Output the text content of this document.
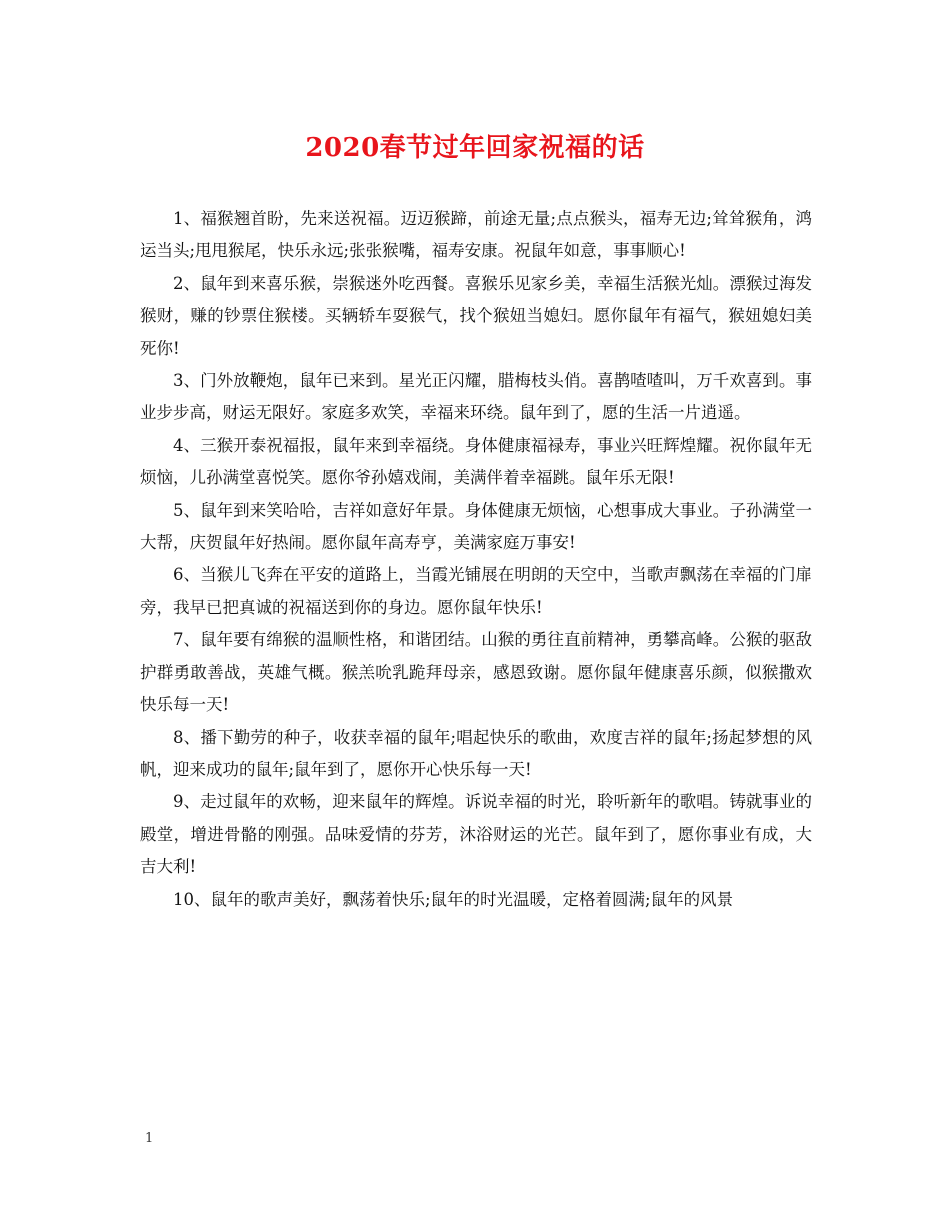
2020春节过年回家祝福的话

1、福猴翘首盼，先来送祝福。迈迈猴蹄，前途无量;点点猴头，福寿无边;耸耸猴角，鸿运当头;甩甩猴尾，快乐永远;张张猴嘴，福寿安康。祝鼠年如意，事事顺心!

2、鼠年到来喜乐猴，崇猴迷外吃西餐。喜猴乐见家乡美，幸福生活猴光灿。漂猴过海发猴财，赚的钞票住猴楼。买辆轿车耍猴气，找个猴妞当媳妇。愿你鼠年有福气，猴妞媳妇美死你!

3、门外放鞭炮，鼠年已来到。星光正闪耀，腊梅枝头俏。喜鹊喳喳叫，万千欢喜到。事业步步高，财运无限好。家庭多欢笑，幸福来环绕。鼠年到了，愿的生活一片逍遥。

4、三猴开泰祝福报，鼠年来到幸福绕。身体健康福禄寿，事业兴旺辉煌耀。祝你鼠年无烦恼，儿孙满堂喜悦笑。愿你爷孙嬉戏闹，美满伴着幸福跳。鼠年乐无限!

5、鼠年到来笑哈哈，吉祥如意好年景。身体健康无烦恼，心想事成大事业。子孙满堂一大帮，庆贺鼠年好热闹。愿你鼠年高寿亨，美满家庭万事安!

6、当猴儿飞奔在平安的道路上，当霞光铺展在明朗的天空中，当歌声飘荡在幸福的门扉旁，我早已把真诚的祝福送到你的身边。愿你鼠年快乐!

7、鼠年要有绵猴的温顺性格，和谐团结。山猴的勇往直前精神，勇攀高峰。公猴的驱敌护群勇敢善战，英雄气概。猴羔吮乳跪拜母亲，感恩致谢。愿你鼠年健康喜乐颜，似猴撒欢快乐每一天!

8、播下勤劳的种子，收获幸福的鼠年;唱起快乐的歌曲，欢度吉祥的鼠年;扬起梦想的风帆，迎来成功的鼠年;鼠年到了，愿你开心快乐每一天!

9、走过鼠年的欢畅，迎来鼠年的辉煌。诉说幸福的时光，聆听新年的歌唱。铸就事业的殿堂，增进骨骼的刚强。品味爱情的芬芳，沐浴财运的光芒。鼠年到了，愿你事业有成，大吉大利!

10、鼠年的歌声美好，飘荡着快乐;鼠年的时光温暖，定格着圆满;鼠年的风景

1
